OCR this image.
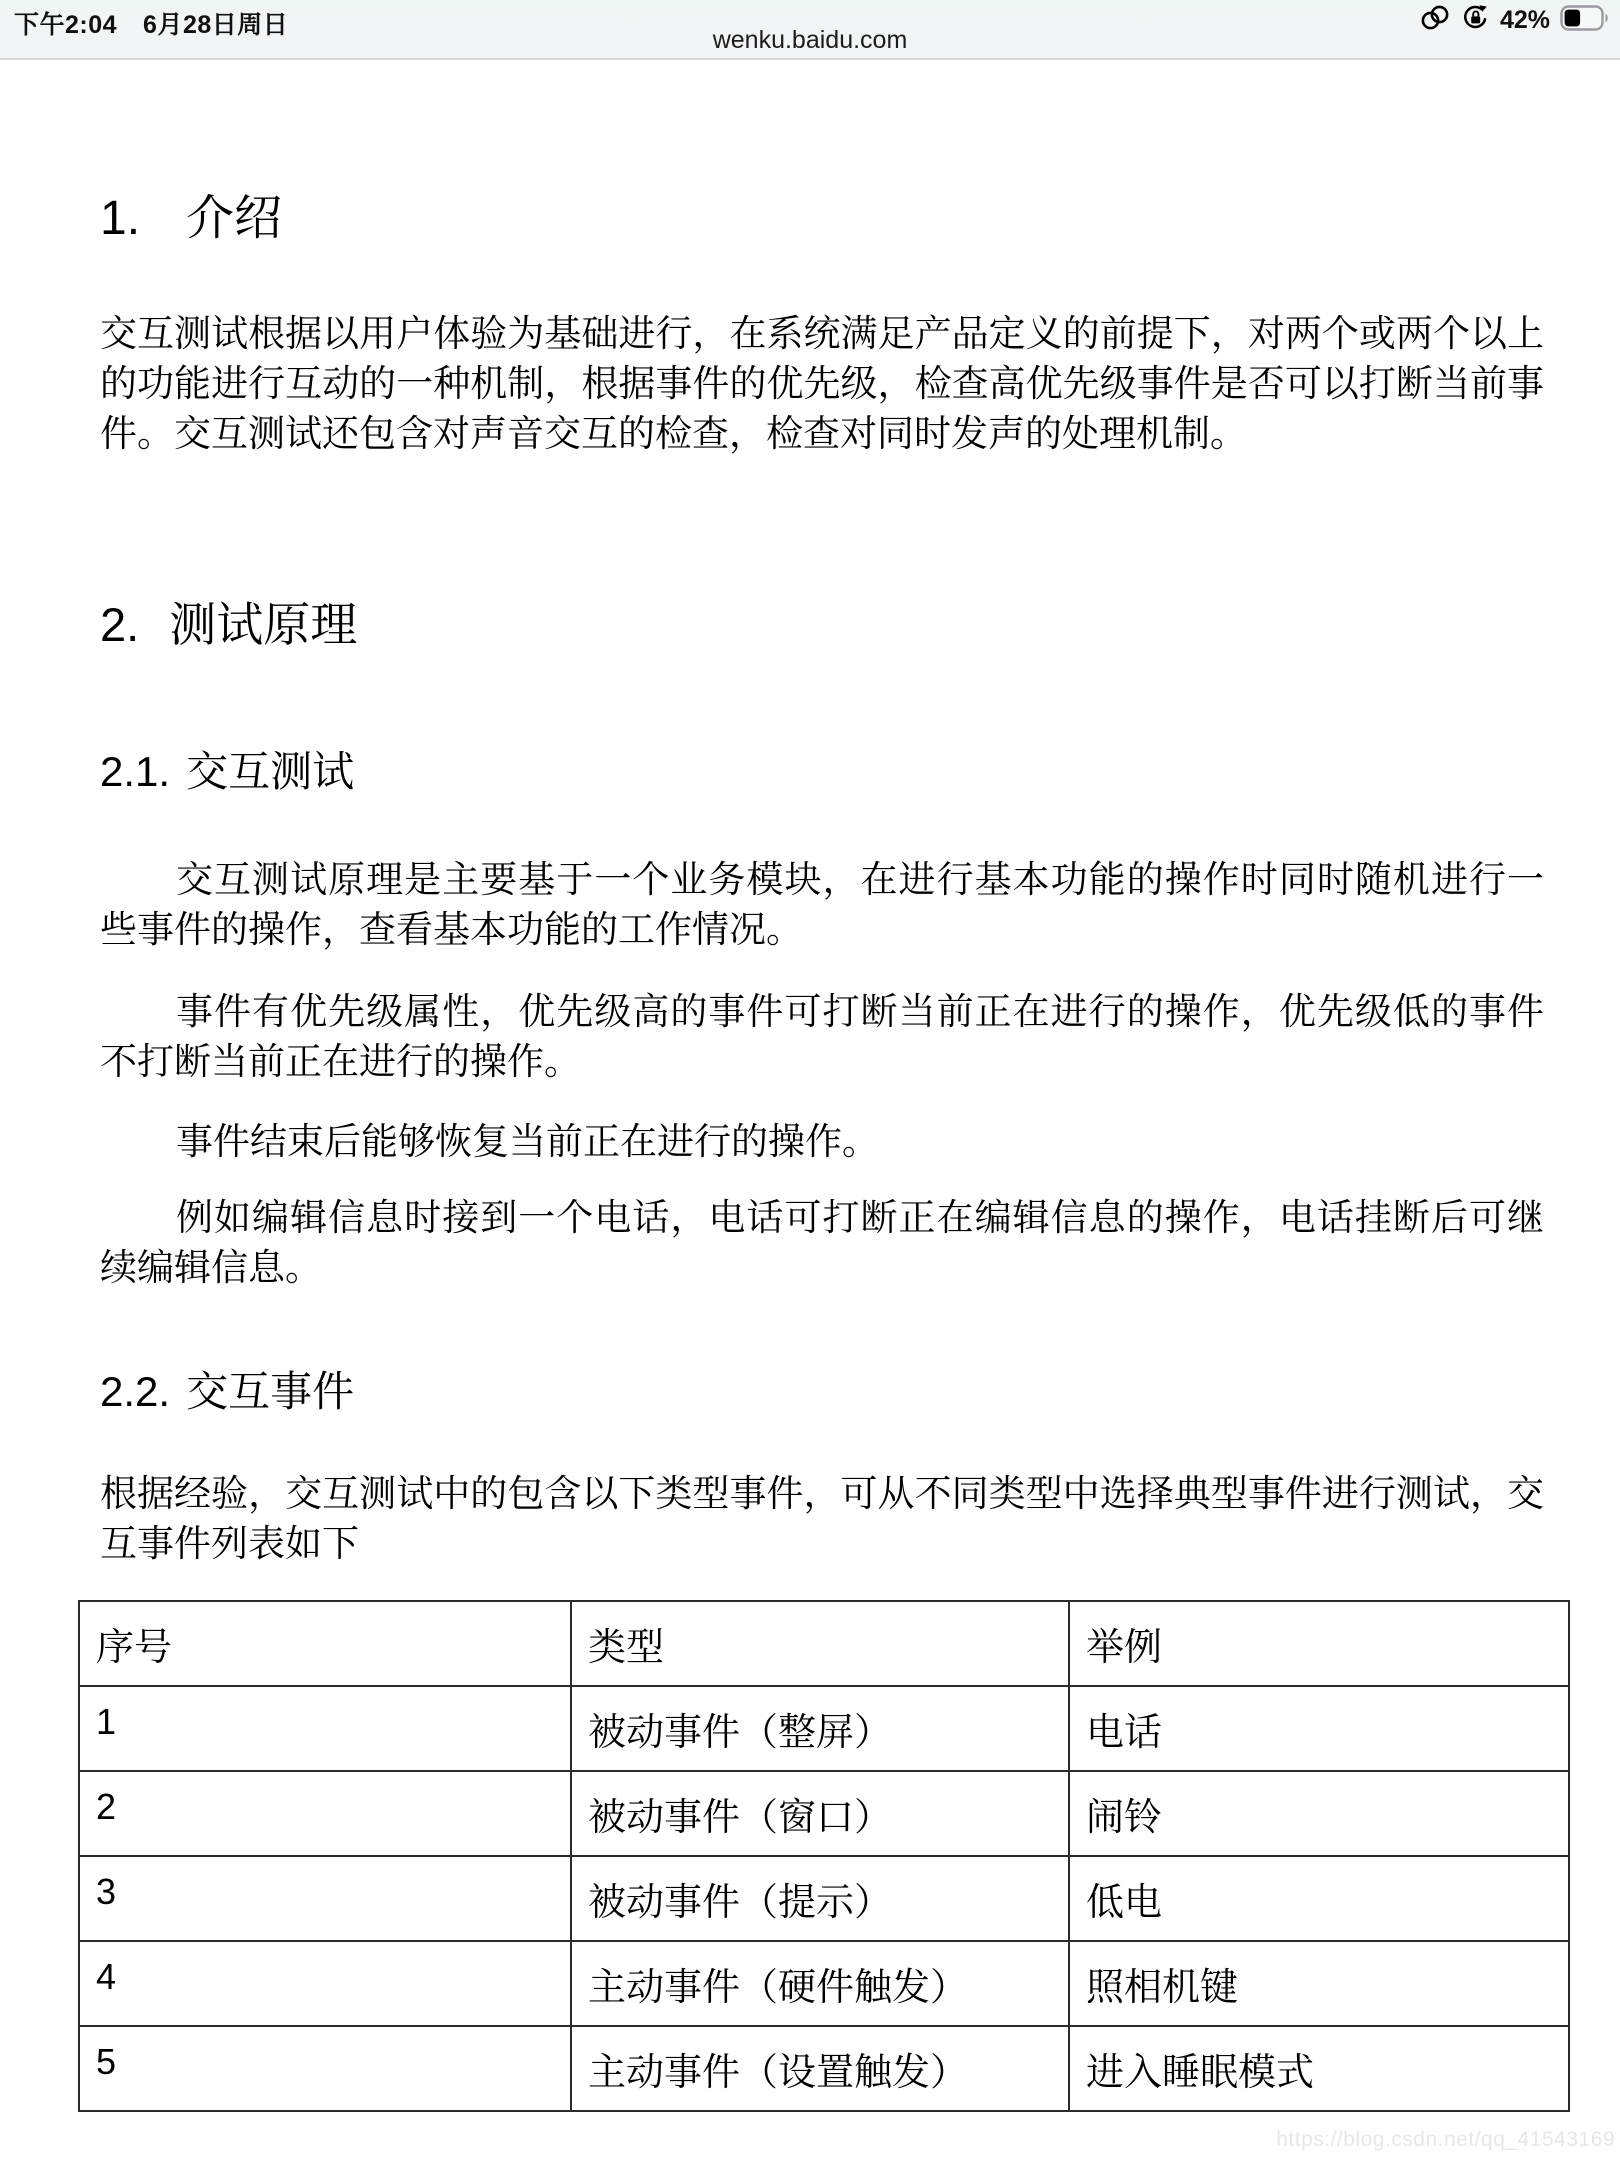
下午2:04 6月28日周日
wenku.baidu.com
42%
1. 介绍

交互测试根据以用户体验为基础进行，在系统满足产品定义的前提下，对两个或两个以上的功能进行互动的一种机制，根据事件的优先级，检查高优先级事件是否可以打断当前事件。交互测试还包含对声音交互的检查，检查对同时发声的处理机制。

2. 测试原理
2.1. 交互测试

交互测试原理是主要基于一个业务模块，在进行基本功能的操作时同时随机进行一些事件的操作，查看基本功能的工作情况。

事件有优先级属性，优先级高的事件可打断当前正在进行的操作，优先级低的事件不打断当前正在进行的操作。

事件结束后能够恢复当前正在进行的操作。

例如编辑信息时接到一个电话，电话可打断正在编辑信息的操作，电话挂断后可继续编辑信息。

2.2. 交互事件

根据经验，交互测试中的包含以下类型事件，可从不同类型中选择典型事件进行测试，交互事件列表如下

序号	类型	举例
1	被动事件（整屏）	电话
2	被动事件（窗口）	闹铃
3	被动事件（提示）	低电
4	主动事件（硬件触发）	照相机键
5	主动事件（设置触发）	进入睡眠模式
https://blog.csdn.net/qq_41543169
